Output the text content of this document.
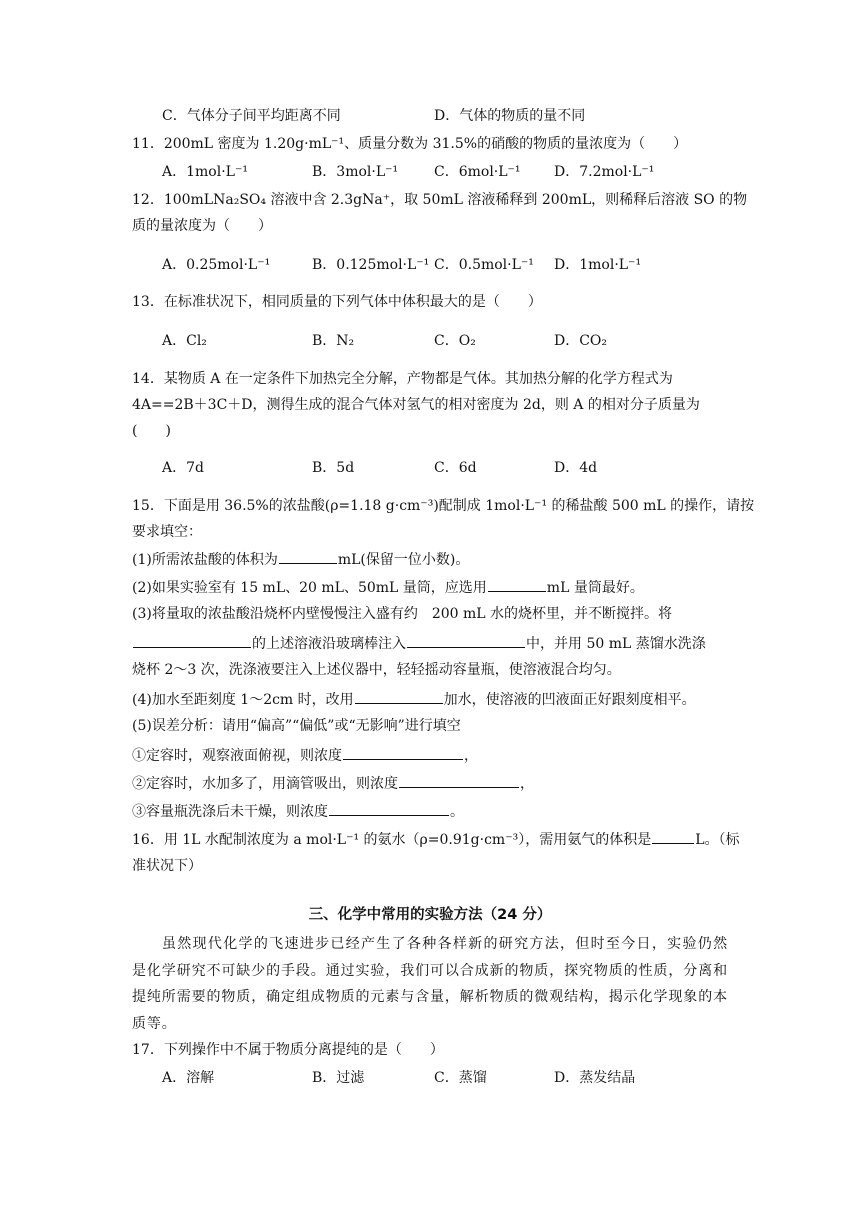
C．气体分子间平均距离不同	D．气体的物质的量不同
11．200mL 密度为 1.20g·mL⁻¹、质量分数为 31.5%的硝酸的物质的量浓度为（　　）
A．1mol·L⁻¹	B．3mol·L⁻¹	C．6mol·L⁻¹ D．7.2mol·L⁻¹
12．100mLNa₂SO₄ 溶液中含 2.3gNa⁺，取 50mL 溶液稀释到 200mL，则稀释后溶液 SO 的物
质的量浓度为（　　）
A．0.25mol·L⁻¹	B．0.125mol·L⁻¹ C．0.5mol·L⁻¹ D．1mol·L⁻¹
13．在标准状况下，相同质量的下列气体中体积最大的是（　　）
A．Cl₂	B．N₂	C．O₂	D．CO₂
14．某物质 A 在一定条件下加热完全分解，产物都是气体。其加热分解的化学方程式为
4A==2B＋3C＋D，测得生成的混合气体对氢气的相对密度为 2d，则 A 的相对分子质量为
(　　)
A．7d	B．5d	C．6d	D．4d
15．下面是用 36.5%的浓盐酸(ρ=1.18 g·cm⁻³)配制成 1mol·L⁻¹ 的稀盐酸 500 mL 的操作，请按
要求填空：
(1)所需浓盐酸的体积为	mL(保留一位小数)。
(2)如果实验室有 15 mL、20 mL、50mL 量筒，应选用	mL 量筒最好。
(3)将量取的浓盐酸沿烧杯内壁慢慢注入盛有约　200 mL 水的烧杯里，并不断搅拌。将
的上述溶液沿玻璃棒注入	中，并用 50 mL 蒸馏水洗涤
烧杯 2～3 次，洗涤液要注入上述仪器中，轻轻摇动容量瓶，使溶液混合均匀。
(4)加水至距刻度 1～2cm 时，改用	加水，使溶液的凹液面正好跟刻度相平。
(5)误差分析：请用“偏高”“偏低”或“无影响”进行填空
①定容时，观察液面俯视，则浓度	，
②定容时，水加多了，用滴管吸出，则浓度	，
③容量瓶洗涤后未干燥，则浓度	。
16．用 1L 水配制浓度为 a mol·L⁻¹ 的氨水（ρ=0.91g·cm⁻³），需用氨气的体积是	L。（标
准状况下）
三、化学中常用的实验方法（24 分）
虽然现代化学的飞速进步已经产生了各种各样新的研究方法，但时至今日，实验仍然是化学研究不可缺少的手段。通过实验，我们可以合成新的物质，探究物质的性质，分离和提纯所需要的物质，确定组成物质的元素与含量，解析物质的微观结构，揭示化学现象的本质等。
17．下列操作中不属于物质分离提纯的是（　　）
A．溶解	B．过滤	C．蒸馏	D．蒸发结晶
